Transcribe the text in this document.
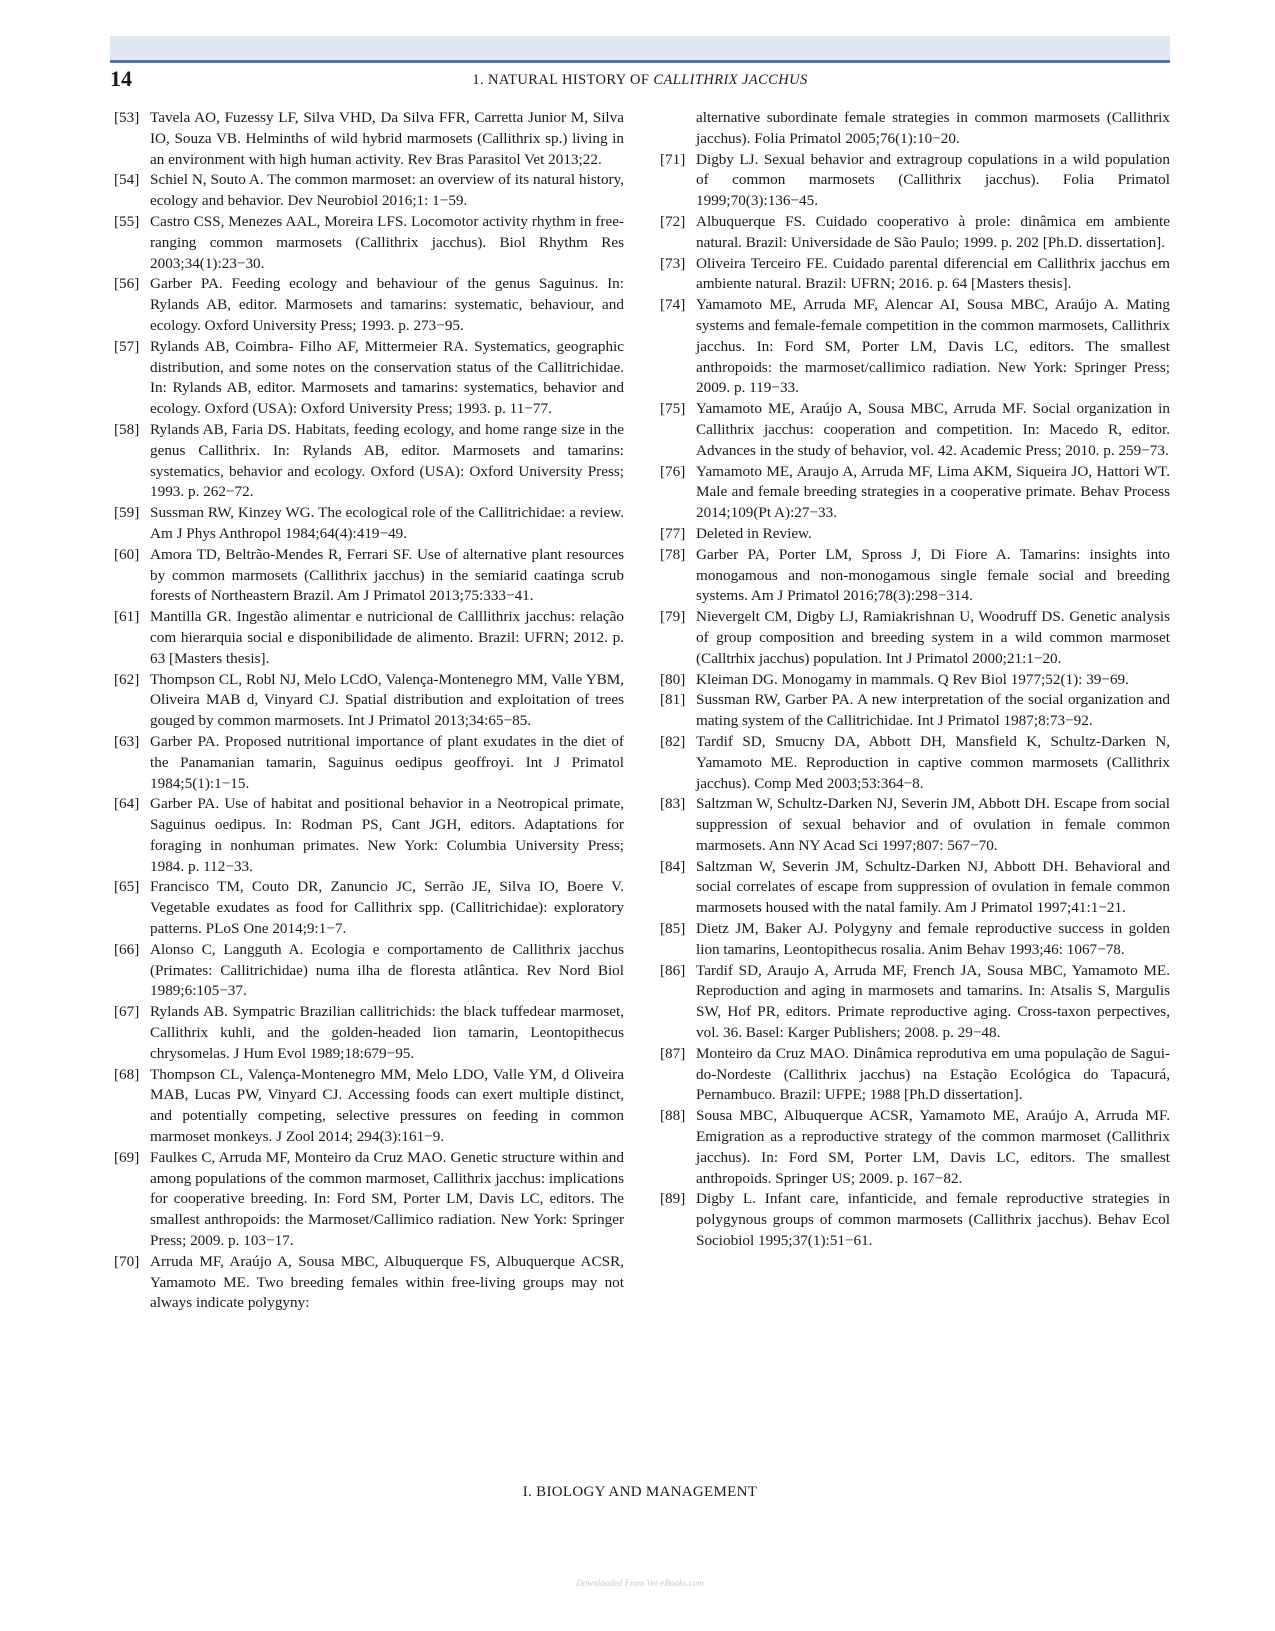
14	1. NATURAL HISTORY OF CALLITHRIX JACCHUS
[53] Tavela AO, Fuzessy LF, Silva VHD, Da Silva FFR, Carretta Junior M, Silva IO, Souza VB. Helminths of wild hybrid marmosets (Callithrix sp.) living in an environment with high human activity. Rev Bras Parasitol Vet 2013;22.
[54] Schiel N, Souto A. The common marmoset: an overview of its natural history, ecology and behavior. Dev Neurobiol 2016;1: 1−59.
[55] Castro CSS, Menezes AAL, Moreira LFS. Locomotor activity rhythm in free-ranging common marmosets (Callithrix jacchus). Biol Rhythm Res 2003;34(1):23−30.
[56] Garber PA. Feeding ecology and behaviour of the genus Saguinus. In: Rylands AB, editor. Marmosets and tamarins: systematic, behaviour, and ecology. Oxford University Press; 1993. p. 273−95.
[57] Rylands AB, Coimbra- Filho AF, Mittermeier RA. Systematics, geographic distribution, and some notes on the conservation status of the Callitrichidae. In: Rylands AB, editor. Marmosets and tamarins: systematics, behavior and ecology. Oxford (USA): Oxford University Press; 1993. p. 11−77.
[58] Rylands AB, Faria DS. Habitats, feeding ecology, and home range size in the genus Callithrix. In: Rylands AB, editor. Marmosets and tamarins: systematics, behavior and ecology. Oxford (USA): Oxford University Press; 1993. p. 262−72.
[59] Sussman RW, Kinzey WG. The ecological role of the Callitrichidae: a review. Am J Phys Anthropol 1984;64(4):419−49.
[60] Amora TD, Beltrão-Mendes R, Ferrari SF. Use of alternative plant resources by common marmosets (Callithrix jacchus) in the semiarid caatinga scrub forests of Northeastern Brazil. Am J Primatol 2013;75:333−41.
[61] Mantilla GR. Ingestão alimentar e nutricional de Calllithrix jacchus: relação com hierarquia social e disponibilidade de alimento. Brazil: UFRN; 2012. p. 63 [Masters thesis].
[62] Thompson CL, Robl NJ, Melo LCdO, Valença-Montenegro MM, Valle YBM, Oliveira MAB d, Vinyard CJ. Spatial distribution and exploitation of trees gouged by common marmosets. Int J Primatol 2013;34:65−85.
[63] Garber PA. Proposed nutritional importance of plant exudates in the diet of the Panamanian tamarin, Saguinus oedipus geoffroyi. Int J Primatol 1984;5(1):1−15.
[64] Garber PA. Use of habitat and positional behavior in a Neotropical primate, Saguinus oedipus. In: Rodman PS, Cant JGH, editors. Adaptations for foraging in nonhuman primates. New York: Columbia University Press; 1984. p. 112−33.
[65] Francisco TM, Couto DR, Zanuncio JC, Serrão JE, Silva IO, Boere V. Vegetable exudates as food for Callithrix spp. (Callitrichidae): exploratory patterns. PLoS One 2014;9:1−7.
[66] Alonso C, Langguth A. Ecologia e comportamento de Callithrix jacchus (Primates: Callitrichidae) numa ilha de floresta atlântica. Rev Nord Biol 1989;6:105−37.
[67] Rylands AB. Sympatric Brazilian callitrichids: the black tuffedear marmoset, Callithrix kuhli, and the golden-headed lion tamarin, Leontopithecus chrysomelas. J Hum Evol 1989;18:679−95.
[68] Thompson CL, Valença-Montenegro MM, Melo LDO, Valle YM, d Oliveira MAB, Lucas PW, Vinyard CJ. Accessing foods can exert multiple distinct, and potentially competing, selective pressures on feeding in common marmoset monkeys. J Zool 2014; 294(3):161−9.
[69] Faulkes C, Arruda MF, Monteiro da Cruz MAO. Genetic structure within and among populations of the common marmoset, Callithrix jacchus: implications for cooperative breeding. In: Ford SM, Porter LM, Davis LC, editors. The smallest anthropoids: the Marmoset/Callimico radiation. New York: Springer Press; 2009. p. 103−17.
[70] Arruda MF, Araújo A, Sousa MBC, Albuquerque FS, Albuquerque ACSR, Yamamoto ME. Two breeding females within free-living groups may not always indicate polygyny:
alternative subordinate female strategies in common marmosets (Callithrix jacchus). Folia Primatol 2005;76(1):10−20.
[71] Digby LJ. Sexual behavior and extragroup copulations in a wild population of common marmosets (Callithrix jacchus). Folia Primatol 1999;70(3):136−45.
[72] Albuquerque FS. Cuidado cooperativo à prole: dinâmica em ambiente natural. Brazil: Universidade de São Paulo; 1999. p. 202 [Ph.D. dissertation].
[73] Oliveira Terceiro FE. Cuidado parental diferencial em Callithrix jacchus em ambiente natural. Brazil: UFRN; 2016. p. 64 [Masters thesis].
[74] Yamamoto ME, Arruda MF, Alencar AI, Sousa MBC, Araújo A. Mating systems and female-female competition in the common marmosets, Callithrix jacchus. In: Ford SM, Porter LM, Davis LC, editors. The smallest anthropoids: the marmoset/callimico radiation. New York: Springer Press; 2009. p. 119−33.
[75] Yamamoto ME, Araújo A, Sousa MBC, Arruda MF. Social organization in Callithrix jacchus: cooperation and competition. In: Macedo R, editor. Advances in the study of behavior, vol. 42. Academic Press; 2010. p. 259−73.
[76] Yamamoto ME, Araujo A, Arruda MF, Lima AKM, Siqueira JO, Hattori WT. Male and female breeding strategies in a cooperative primate. Behav Process 2014;109(Pt A):27−33.
[77] Deleted in Review.
[78] Garber PA, Porter LM, Spross J, Di Fiore A. Tamarins: insights into monogamous and non-monogamous single female social and breeding systems. Am J Primatol 2016;78(3):298−314.
[79] Nievergelt CM, Digby LJ, Ramiakrishnan U, Woodruff DS. Genetic analysis of group composition and breeding system in a wild common marmoset (Calltrhix jacchus) population. Int J Primatol 2000;21:1−20.
[80] Kleiman DG. Monogamy in mammals. Q Rev Biol 1977;52(1): 39−69.
[81] Sussman RW, Garber PA. A new interpretation of the social organization and mating system of the Callitrichidae. Int J Primatol 1987;8:73−92.
[82] Tardif SD, Smucny DA, Abbott DH, Mansfield K, Schultz-Darken N, Yamamoto ME. Reproduction in captive common marmosets (Callithrix jacchus). Comp Med 2003;53:364−8.
[83] Saltzman W, Schultz-Darken NJ, Severin JM, Abbott DH. Escape from social suppression of sexual behavior and of ovulation in female common marmosets. Ann NY Acad Sci 1997;807: 567−70.
[84] Saltzman W, Severin JM, Schultz-Darken NJ, Abbott DH. Behavioral and social correlates of escape from suppression of ovulation in female common marmosets housed with the natal family. Am J Primatol 1997;41:1−21.
[85] Dietz JM, Baker AJ. Polygyny and female reproductive success in golden lion tamarins, Leontopithecus rosalia. Anim Behav 1993;46: 1067−78.
[86] Tardif SD, Araujo A, Arruda MF, French JA, Sousa MBC, Yamamoto ME. Reproduction and aging in marmosets and tamarins. In: Atsalis S, Margulis SW, Hof PR, editors. Primate reproductive aging. Cross-taxon perpectives, vol. 36. Basel: Karger Publishers; 2008. p. 29−48.
[87] Monteiro da Cruz MAO. Dinâmica reprodutiva em uma população de Sagui-do-Nordeste (Callithrix jacchus) na Estação Ecológica do Tapacurá, Pernambuco. Brazil: UFPE; 1988 [Ph.D dissertation].
[88] Sousa MBC, Albuquerque ACSR, Yamamoto ME, Araújo A, Arruda MF. Emigration as a reproductive strategy of the common marmoset (Callithrix jacchus). In: Ford SM, Porter LM, Davis LC, editors. The smallest anthropoids. Springer US; 2009. p. 167−82.
[89] Digby L. Infant care, infanticide, and female reproductive strategies in polygynous groups of common marmosets (Callithrix jacchus). Behav Ecol Sociobiol 1995;37(1):51−61.
I. BIOLOGY AND MANAGEMENT
Downloaded From Vet-eBooks.com
